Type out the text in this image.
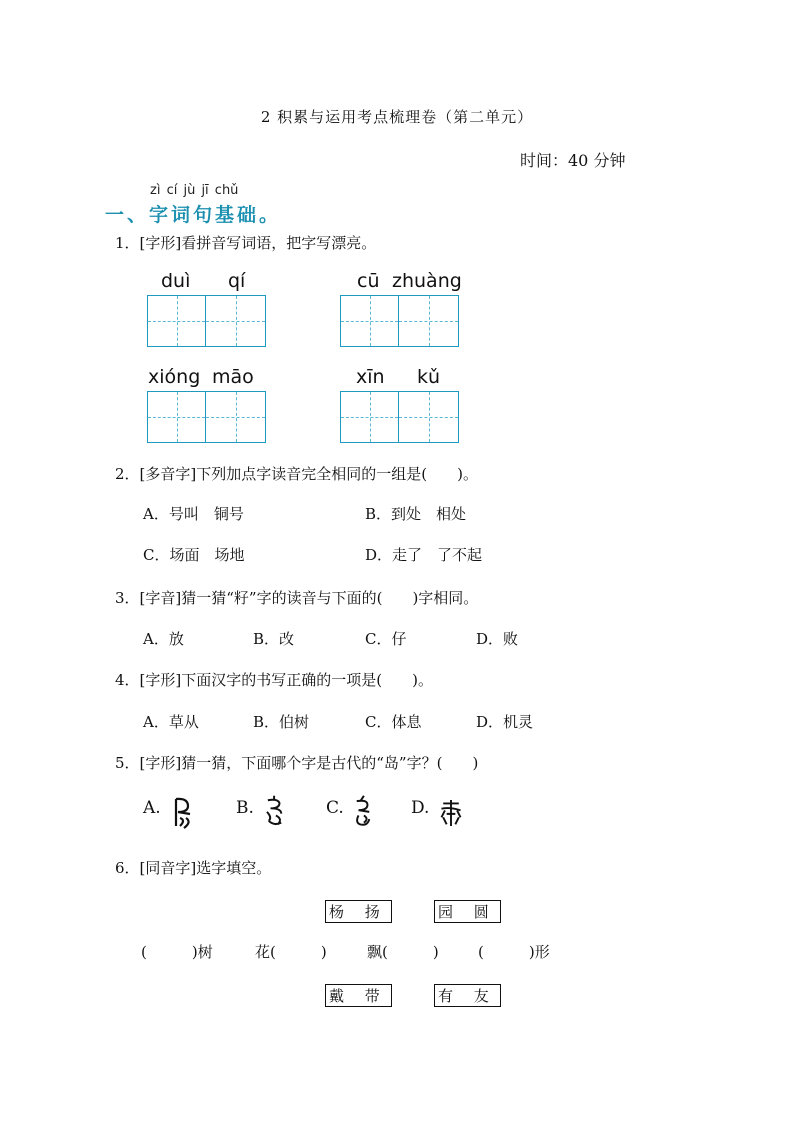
2 积累与运用考点梳理卷（第二单元）
时间：40 分钟
zì cí jù jī chǔ
一、字词句基础。
1．[字形]看拼音写词语，把字写漂亮。
duì qí	cū zhuàng
xióng māo	xīn kǔ
2．[多音字]下列加点字读音完全相同的一组是(　　)。
A．号叫　铜号	B．到处　相处
C．场面　场地	D．走了　了不起
3．[字音]猜一猜“籽”字的读音与下面的(　　)字相同。
A．放	B．改	C．仔	D．败
4．[字形]下面汉字的书写正确的一项是(　　)。
A．草从	B．伯树	C．体息	D．机灵
5．[字形]猜一猜，下面哪个字是古代的“岛”字？(　　)
A.	B.	C.	D.
6．[同音字]选字填空。
杨 扬	园 圆
(　　　)树	花(　　　)	飘(　　　)	(　　　)形
戴 带	有 友
